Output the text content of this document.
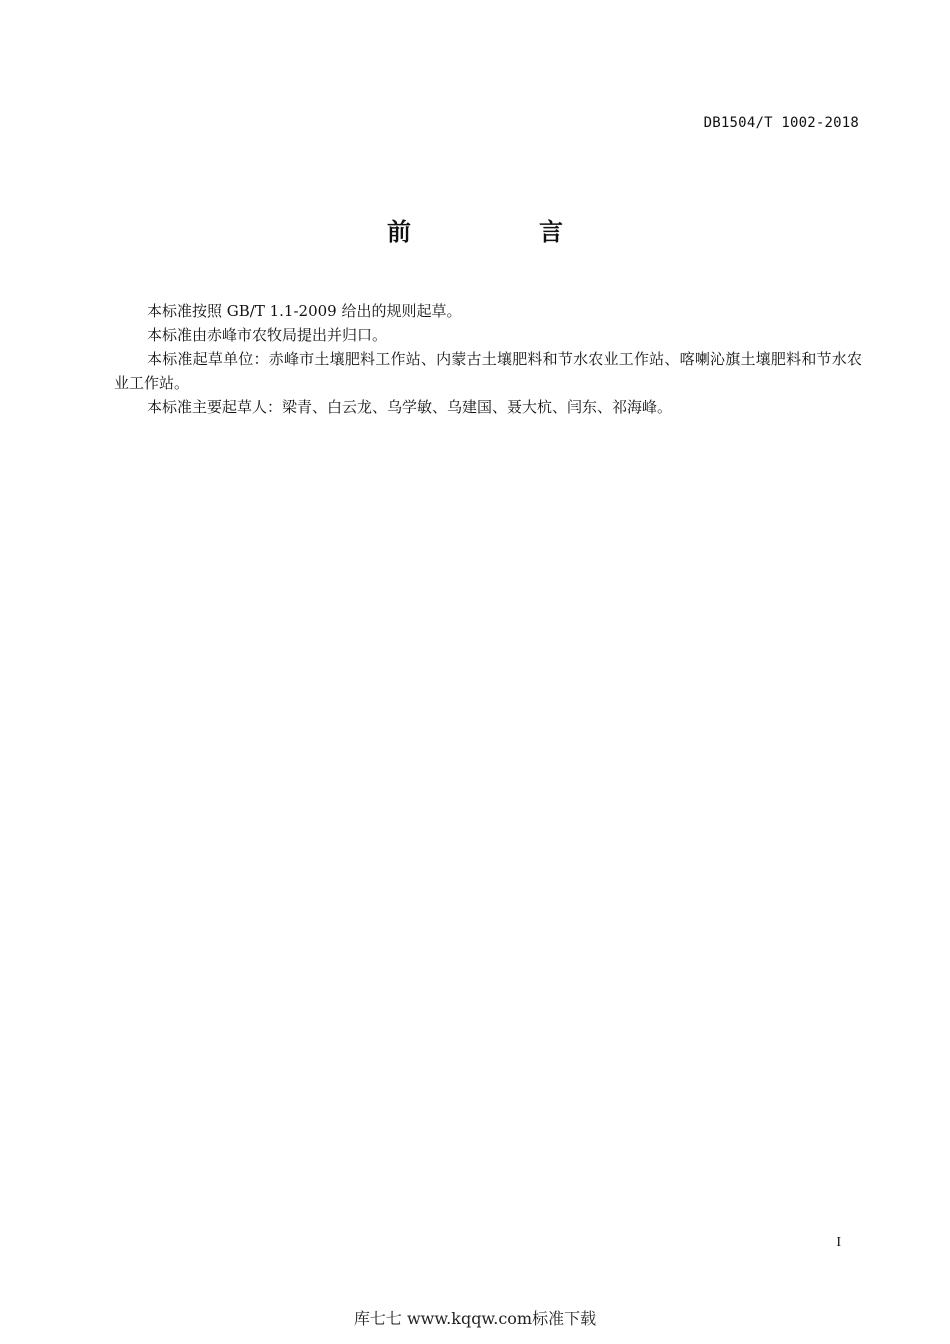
DB1504/T 1002-2018
前　言

本标准按照 GB/T 1.1-2009 给出的规则起草。

本标准由赤峰市农牧局提出并归口。

本标准起草单位：赤峰市土壤肥料工作站、内蒙古土壤肥料和节水农业工作站、喀喇沁旗土壤肥料和节水农业工作站。

本标准主要起草人：梁青、白云龙、乌学敏、乌建国、聂大杭、闫东、祁海峰。

I
库七七 www.kqqw.com标准下载
